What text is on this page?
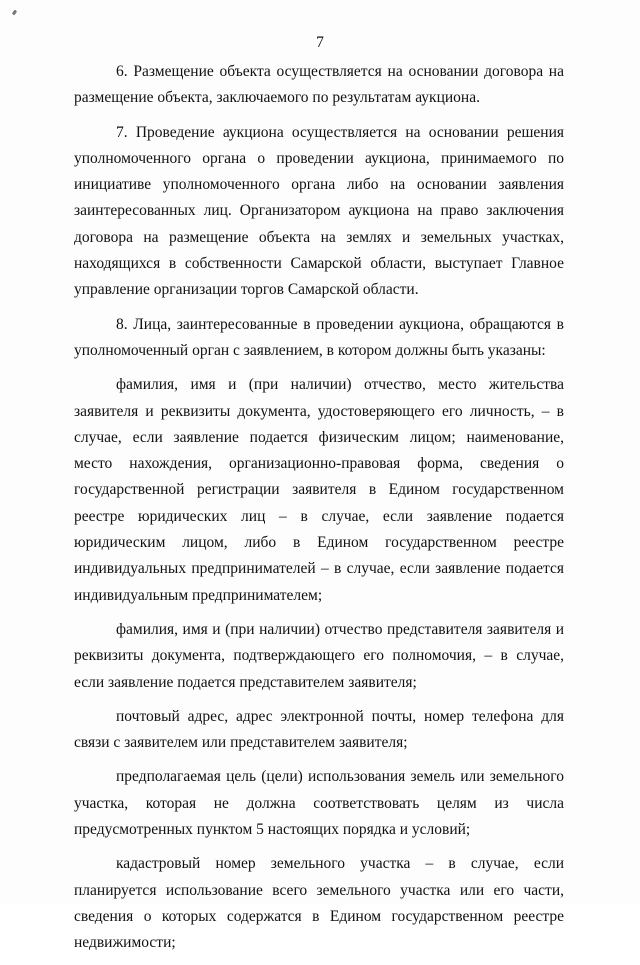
7

6. Размещение объекта осуществляется на основании договора на размещение объекта, заключаемого по результатам аукциона.

7. Проведение аукциона осуществляется на основании решения уполномоченного органа о проведении аукциона, принимаемого по инициативе уполномоченного органа либо на основании заявления заинтересованных лиц. Организатором аукциона на право заключения договора на размещение объекта на землях и земельных участках, находящихся в собственности Самарской области, выступает Главное управление организации торгов Самарской области.

8. Лица, заинтересованные в проведении аукциона, обращаются в уполномоченный орган с заявлением, в котором должны быть указаны:

фамилия, имя и (при наличии) отчество, место жительства заявителя и реквизиты документа, удостоверяющего его личность, – в случае, если заявление подается физическим лицом; наименование, место нахождения, организационно-правовая форма, сведения о государственной регистрации заявителя в Едином государственном реестре юридических лиц – в случае, если заявление подается юридическим лицом, либо в Едином государственном реестре индивидуальных предпринимателей – в случае, если заявление подается индивидуальным предпринимателем;

фамилия, имя и (при наличии) отчество представителя заявителя и реквизиты документа, подтверждающего его полномочия, – в случае, если заявление подается представителем заявителя;

почтовый адрес, адрес электронной почты, номер телефона для связи с заявителем или представителем заявителя;

предполагаемая цель (цели) использования земель или земельного участка, которая не должна соответствовать целям из числа предусмотренных пунктом 5 настоящих порядка и условий;

кадастровый номер земельного участка – в случае, если планируется использование всего земельного участка или его части, сведения о которых содержатся в Едином государственном реестре недвижимости;
